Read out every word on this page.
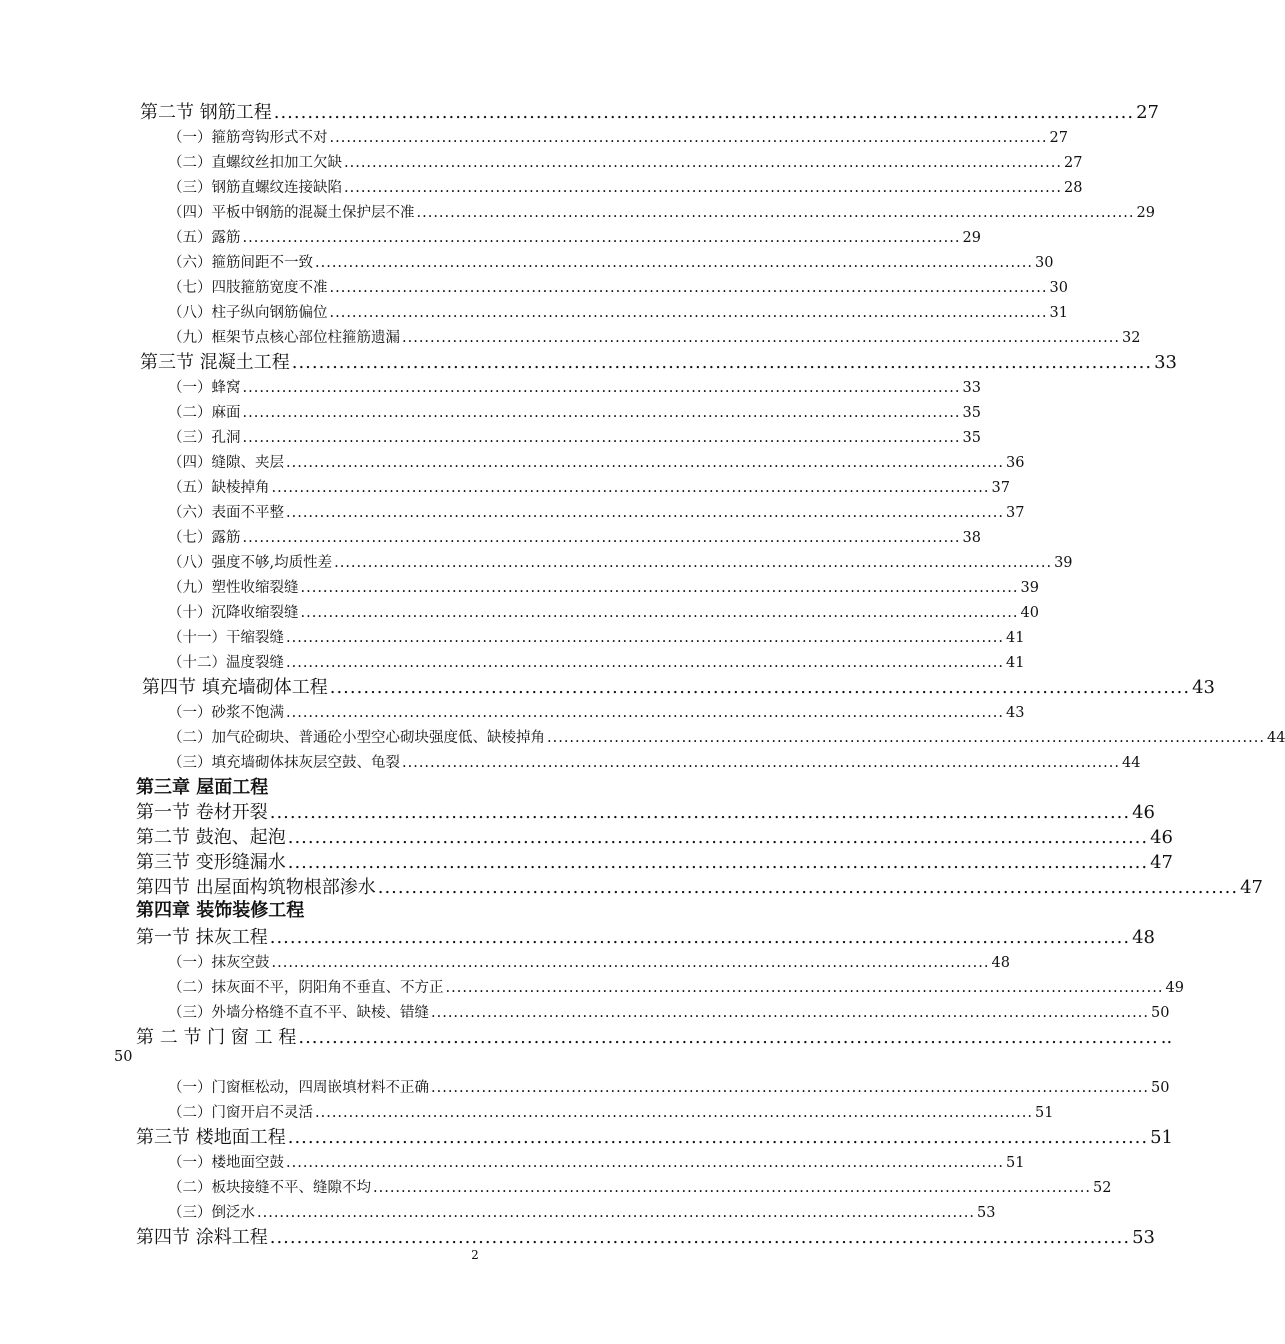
第二节 钢筋工程 ................................................................................................................................ 27
（一）箍筋弯钩形式不对 ................................................................................................................................ 27
（二）直螺纹丝扣加工欠缺 ................................................................................................................................ 27
（三）钢筋直螺纹连接缺陷 ................................................................................................................................ 28
（四）平板中钢筋的混凝土保护层不准 ................................................................................................................................ 29
（五）露筋 ................................................................................................................................ 29
（六）箍筋间距不一致 ................................................................................................................................ 30
（七）四肢箍筋宽度不准 ................................................................................................................................ 30
（八）柱子纵向钢筋偏位 ................................................................................................................................ 31
（九）框架节点核心部位柱箍筋遗漏 ................................................................................................................................ 32
第三节 混凝土工程 ................................................................................................................................ 33
（一）蜂窝 ................................................................................................................................ 33
（二）麻面 ................................................................................................................................ 35
（三）孔洞 ................................................................................................................................ 35
（四）缝隙、夹层 ................................................................................................................................ 36
（五）缺棱掉角 ................................................................................................................................ 37
（六）表面不平整 ................................................................................................................................ 37
（七）露筋 ................................................................................................................................ 38
（八）强度不够,均质性差 ................................................................................................................................ 39
（九）塑性收缩裂缝 ................................................................................................................................ 39
（十）沉降收缩裂缝 ................................................................................................................................ 40
（十一）干缩裂缝 ................................................................................................................................ 41
（十二）温度裂缝 ................................................................................................................................ 41
第四节 填充墙砌体工程 ................................................................................................................................ 43
（一）砂浆不饱满 ................................................................................................................................ 43
（二）加气砼砌块、普通砼小型空心砌块强度低、缺棱掉角 ................................................................................................................................ 44
（三）填充墙砌体抹灰层空鼓、龟裂 ................................................................................................................................ 44
第三章 屋面工程
第一节 卷材开裂 ................................................................................................................................ 46
第二节 鼓泡、起泡 ................................................................................................................................ 46
第三节 变形缝漏水 ................................................................................................................................ 47
第四节 出屋面构筑物根部渗水 ................................................................................................................................ 47
第四章 装饰装修工程
第一节 抹灰工程 ................................................................................................................................ 48
（一）抹灰空鼓 ................................................................................................................................ 48
（二）抹灰面不平，阴阳角不垂直、不方正 ................................................................................................................................ 49
（三）外墙分格缝不直不平、缺棱、错缝 ................................................................................................................................ 50
第 二 节 门 窗 工 程 ................................................................................................................................ ..
50
（一）门窗框松动，四周嵌填材料不正确 ................................................................................................................................ 50
（二）门窗开启不灵活 ................................................................................................................................ 51
第三节 楼地面工程 ................................................................................................................................ 51
（一）楼地面空鼓 ................................................................................................................................ 51
（二）板块接缝不平、缝隙不均 ................................................................................................................................ 52
（三）倒泛水 ................................................................................................................................ 53
第四节 涂料工程 ................................................................................................................................ 53
2
